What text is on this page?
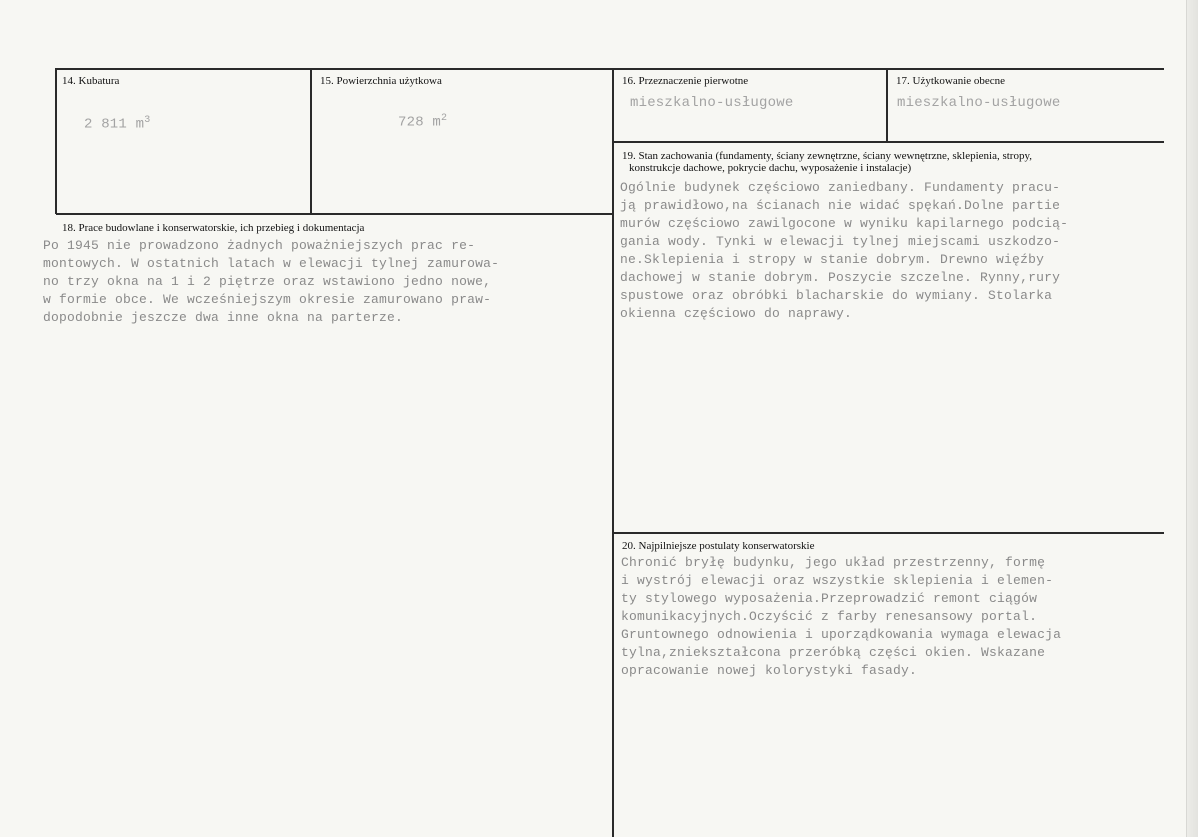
14. Kubatura
2 811 $m^3$
15. Powierzchnia użytkowa
728 $m^2$
16. Przeznaczenie pierwotne
mieszkalno-usługowe
17. Użytkowanie obecne
mieszkalno-usługowe
18. Prace budowlane i konserwatorskie, ich przebieg i dokumentacja
Po 1945 nie prowadzono żadnych poważniejszych prac re-
montowych. W ostatnich latach w elewacji tylnej zamurowa-
no trzy okna na 1 i 2 piętrze oraz wstawiono jedno nowe,
w formie obce. We wcześniejszym okresie zamurowano praw-
dopodobnie jeszcze dwa inne okna na parterze.
19. Stan zachowania (fundamenty, ściany zewnętrzne, ściany wewnętrzne, sklepienia, stropy,
konstrukcje dachowe, pokrycie dachu, wyposażenie i instalacje)
Ogólnie budynek częściowo zaniedbany. Fundamenty pracu-
ją prawidłowo,na ścianach nie widać spękań.Dolne partie
murów częściowo zawilgocone w wyniku kapilarnego podcią-
gania wody. Tynki w elewacji tylnej miejscami uszkodzo-
ne.Sklepienia i stropy w stanie dobrym. Drewno więźby
dachowej w stanie dobrym. Poszycie szczelne. Rynny,rury
spustowe oraz obróbki blacharskie do wymiany. Stolarka
okienna częściowo do naprawy.
20. Najpilniejsze postulaty konserwatorskie
Chronić bryłę budynku, jego układ przestrzenny, formę
i wystrój elewacji oraz wszystkie sklepienia i elemen-
ty stylowego wyposażenia.Przeprowadzić remont ciągów
komunikacyjnych.Oczyścić z farby renesansowy portal.
Gruntownego odnowienia i uporządkowania wymaga elewacja
tylna,zniekształcona przeróbką części okien. Wskazane
opracowanie nowej kolorystyki fasady.
